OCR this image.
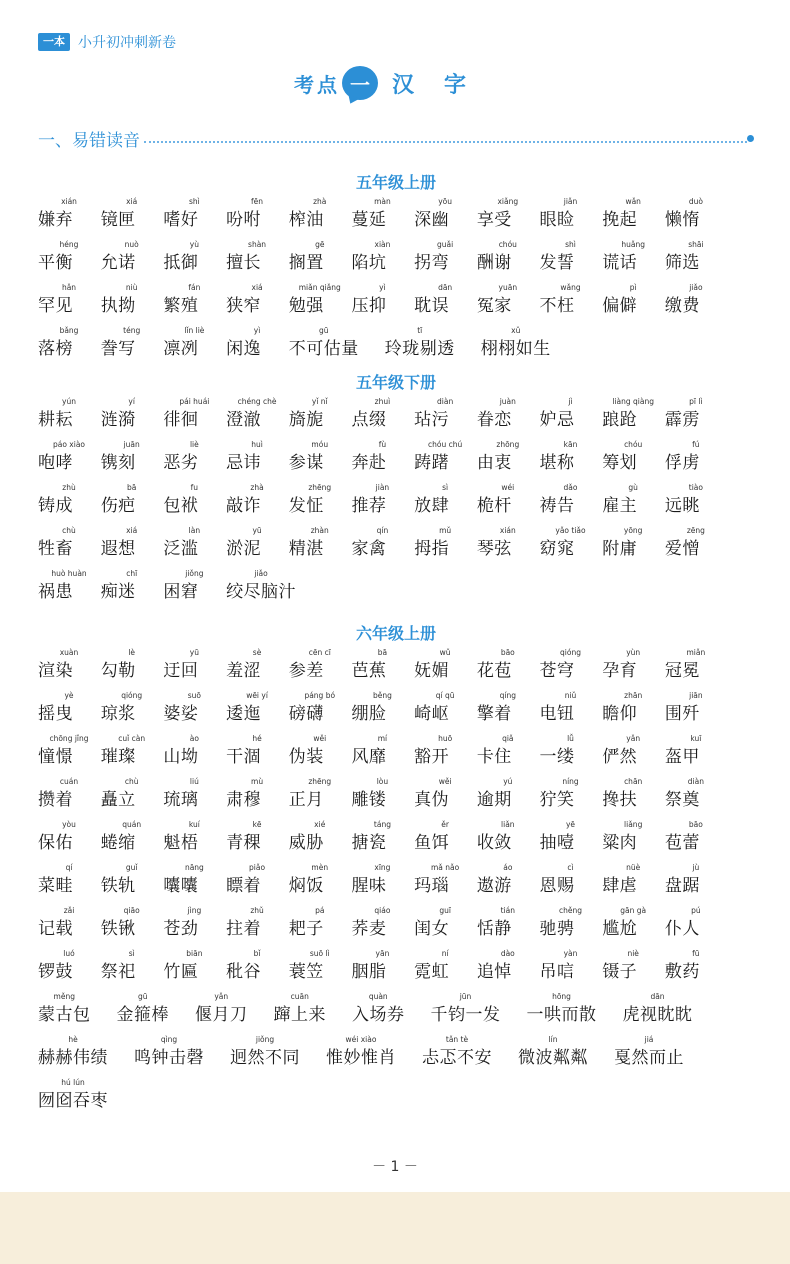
一本 小升初冲刺新卷
考点 一	汉字
一、易错读音
五年级上册
xián
嫌弃
xiá
镜匣
shì
嗜好
fēn
吩咐
zhà
榨油
màn
蔓延
yōu
深幽
xiǎng
享受
jiǎn
眼睑
wǎn
挽起
duò
懒惰
héng
平衡
nuò
允诺
yù
抵御
shàn
擅长
gē
搁置
xiàn
陷坑
guǎi
拐弯
chóu
酬谢
shì
发誓
huǎng
谎话
shāi
筛选
hǎn
罕见
niù
执拗
fán
繁殖
xiá
狭窄
miǎn qiǎng
勉强
yì
压抑
dān
耽误
yuān
冤家
wǎng
不枉
pì
偏僻
jiǎo
缴费
bǎng
落榜
téng
誊写
lǐn liè
凛冽
yì
闲逸
gū
不可估量
tī
玲珑剔透
xǔ
栩栩如生
五年级下册
yún
耕耘
yí
涟漪
pái huái
徘徊
chéng chè
澄澈
yǐ nǐ
旖旎
zhuì
点缀
diàn
玷污
juàn
眷恋
jì
妒忌
liàng qiàng
踉跄
pī lì
霹雳
páo xiào
咆哮
juān
镌刻
liè
恶劣
huì
忌讳
móu
参谋
fù
奔赴
chóu chú
踌躇
zhōng
由衷
kān
堪称
chóu
筹划
fú
俘虏
zhù
铸成
bā
伤疤
fu
包袱
zhà
敲诈
zhēng
发怔
jiàn
推荐
sì
放肆
wéi
桅杆
dǎo
祷告
gù
雇主
tiào
远眺
chù
牲畜
xiá
遐想
làn
泛滥
yū
淤泥
zhàn
精湛
qín
家禽
mǔ
拇指
xián
琴弦
yǎo tiǎo
窈窕
yōng
附庸
zēng
爱憎
huò huàn
祸患
chī
痴迷
jiǒng
困窘
jiǎo
绞尽脑汁
六年级上册
xuàn
渲染
lè
勾勒
yū
迂回
sè
羞涩
cēn cī
参差
bā
芭蕉
wǔ
妩媚
bāo
花苞
qióng
苍穹
yùn
孕育
miǎn
冠冕
yè
摇曳
qióng
琼浆
suō
婆娑
wēi yí
逶迤
páng bó
磅礴
běng
绷脸
qí qū
崎岖
qíng
擎着
niǔ
电钮
zhān
瞻仰
jiān
围歼
chōng jǐng
憧憬
cuǐ càn
璀璨
ào
山坳
hé
干涸
wěi
伪装
mí
风靡
huō
豁开
qiǎ
卡住
lǚ
一缕
yǎn
俨然
kuī
盔甲
cuán
攒着
chù
矗立
liú
琉璃
mù
肃穆
zhēng
正月
lòu
雕镂
wěi
真伪
yú
逾期
níng
狞笑
chān
搀扶
diàn
祭奠
yòu
保佑
quán
蜷缩
kuí
魁梧
kē
青稞
xié
威胁
táng
搪瓷
ěr
鱼饵
liǎn
收敛
yē
抽噎
liǎng
粱肉
bāo
苞蕾
qí
菜畦
guǐ
铁轨
nāng
囔囔
piǎo
瞟着
mèn
焖饭
xīng
腥味
mǎ nǎo
玛瑙
áo
遨游
cì
恩赐
nüè
肆虐
jù
盘踞
zǎi
记载
qiāo
铁锹
jìng
苍劲
zhǔ
拄着
pá
耙子
qiáo
荞麦
guī
闺女
tián
恬静
chěng
驰骋
gān gà
尴尬
pú
仆人
luó
锣鼓
sì
祭祀
biān
竹匾
bǐ
秕谷
suō lì
蓑笠
yān
胭脂
ní
霓虹
dào
追悼
yàn
吊唁
niè
镊子
fū
敷药
měng
蒙古包
gū
金箍棒
yǎn
偃月刀
cuān
蹿上来
quàn
入场券
jūn
千钧一发
hōng
一哄而散
dān
虎视眈眈
hè
赫赫伟绩
qìng
鸣钟击磬
jiǒng
迥然不同
wéi xiào
惟妙惟肖
tǎn tè
忐忑不安
lín
微波粼粼
jiá
戛然而止
hú lún
囫囵吞枣
－ 1 －
